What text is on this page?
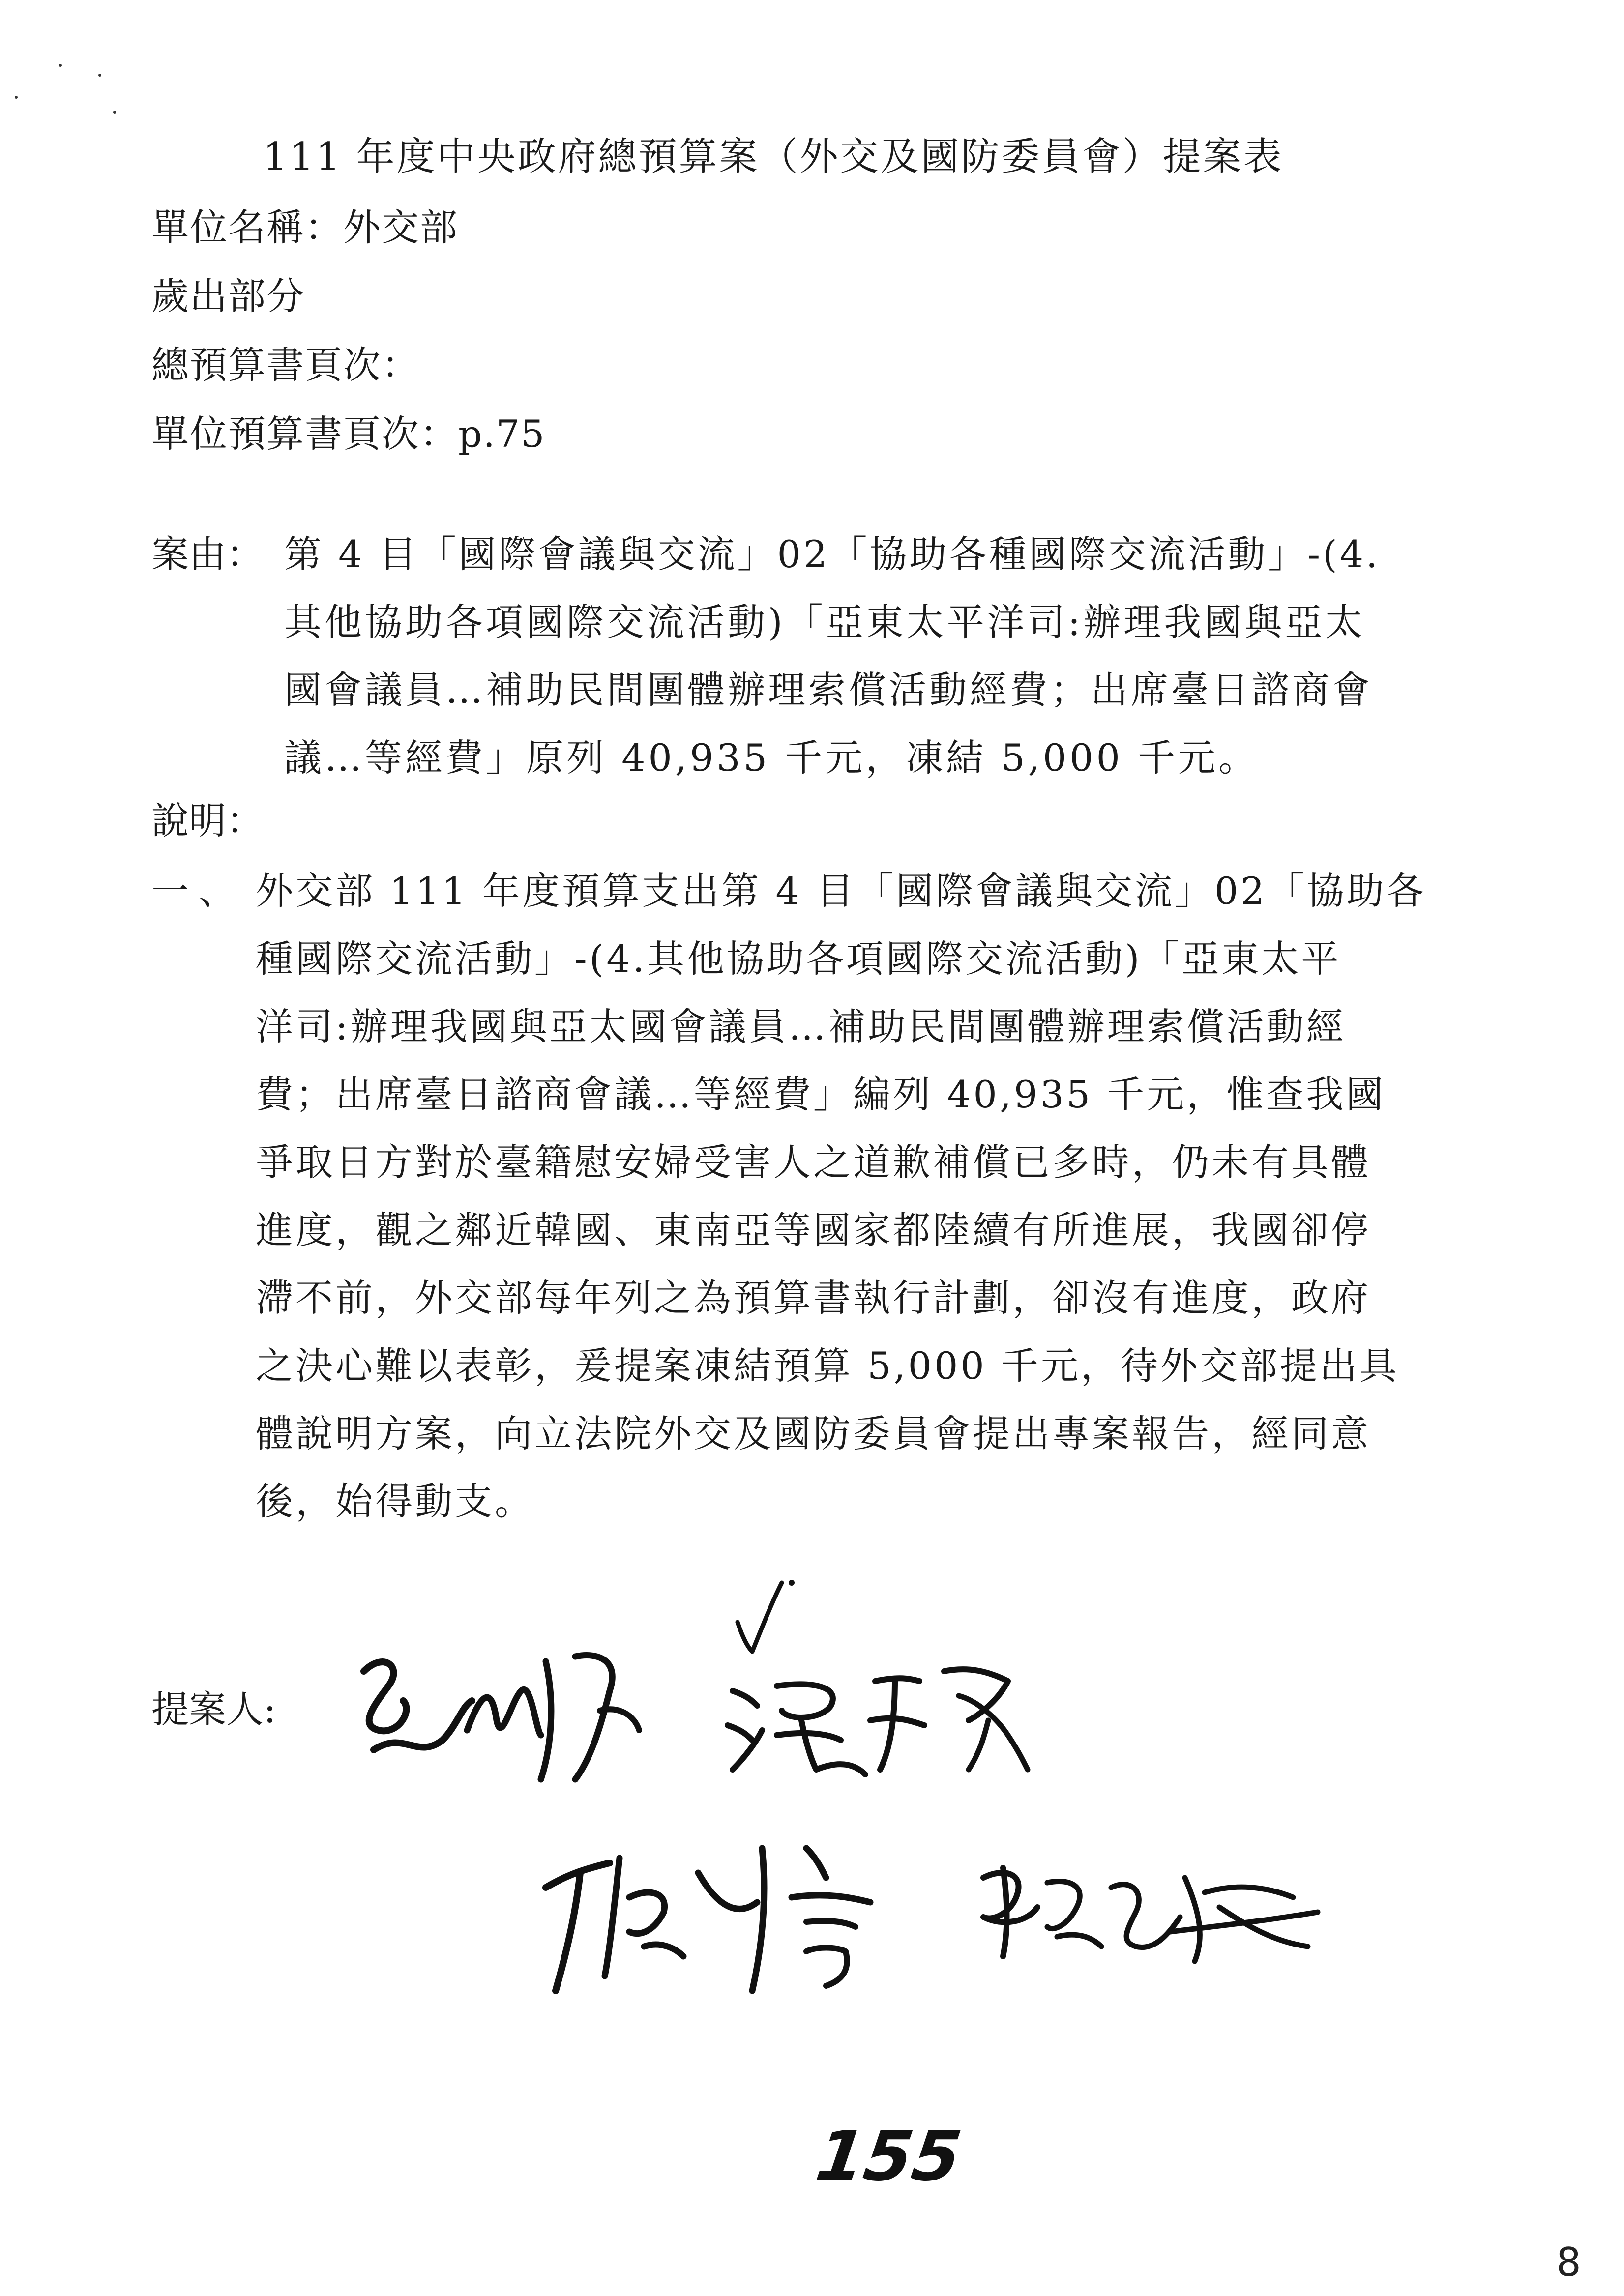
111 年度中央政府總預算案（外交及國防委員會）提案表
單位名稱：外交部
歲出部分
總預算書頁次：
單位預算書頁次：p.75
案由： 第 4 目「國際會議與交流」02「協助各種國際交流活動」-(4.
其他協助各項國際交流活動)「亞東太平洋司:辦理我國與亞太
國會議員…補助民間團體辦理索償活動經費；出席臺日諮商會
議…等經費」原列 40,935 千元，凍結 5,000 千元。
說明：
一、 外交部 111 年度預算支出第 4 目「國際會議與交流」02「協助各
種國際交流活動」-(4.其他協助各項國際交流活動)「亞東太平
洋司:辦理我國與亞太國會議員…補助民間團體辦理索償活動經
費；出席臺日諮商會議…等經費」編列 40,935 千元，惟查我國
爭取日方對於臺籍慰安婦受害人之道歉補償已多時，仍未有具體
進度，觀之鄰近韓國、東南亞等國家都陸續有所進展，我國卻停
滯不前，外交部每年列之為預算書執行計劃，卻沒有進度，政府
之決心難以表彰，爰提案凍結預算 5,000 千元，待外交部提出具
體說明方案，向立法院外交及國防委員會提出專案報告，經同意
後，始得動支。
提案人:
155
8
